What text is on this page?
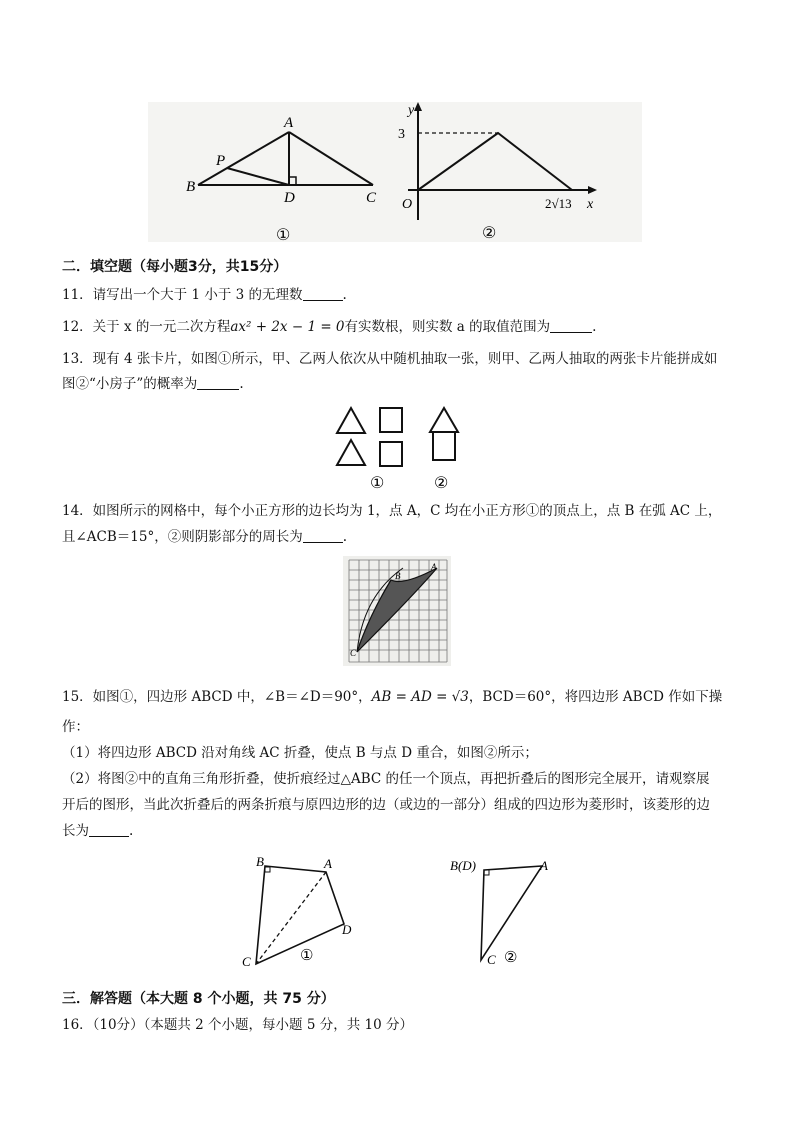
A
P
B
D	C
①
y
3
O	2√13 x
②
二．填空题（每小题3分，共15分）
11．请写出一个大于 1 小于 3 的无理数	.
12．关于 x 的一元二次方程ax² + 2x − 1 = 0有实数根，则实数 a 的取值范围为	.
13．现有 4 张卡片，如图①所示，甲、乙两人依次从中随机抽取一张，则甲、乙两人抽取的两张卡片能拼成如
图②“小房子”的概率为	.
①	②
14．如图所示的网格中，每个小正方形的边长均为 1，点 A，C 均在小正方形①的顶点上，点 B 在弧 AC 上，
且∠ACB＝15°，②则阴影部分的周长为	.
A
B
C
15．如图①，四边形 ABCD 中，∠B＝∠D＝90°，AB = AD = √3，BCD＝60°，将四边形 ABCD 作如下操
作：
（1）将四边形 ABCD 沿对角线 AC 折叠，使点 B 与点 D 重合，如图②所示；
（2）将图②中的直角三角形折叠，使折痕经过△ABC 的任一个顶点，再把折叠后的图形完全展开，请观察展
开后的图形，当此次折叠后的两条折痕与原四边形的边（或边的一部分）组成的四边形为菱形时，该菱形的边
长为	.
B	A
D
C	①
B(D)	A
C ②
三．解答题（本大题 8 个小题，共 75 分）
16．（10分）（本题共 2 个小题，每小题 5 分，共 10 分）
